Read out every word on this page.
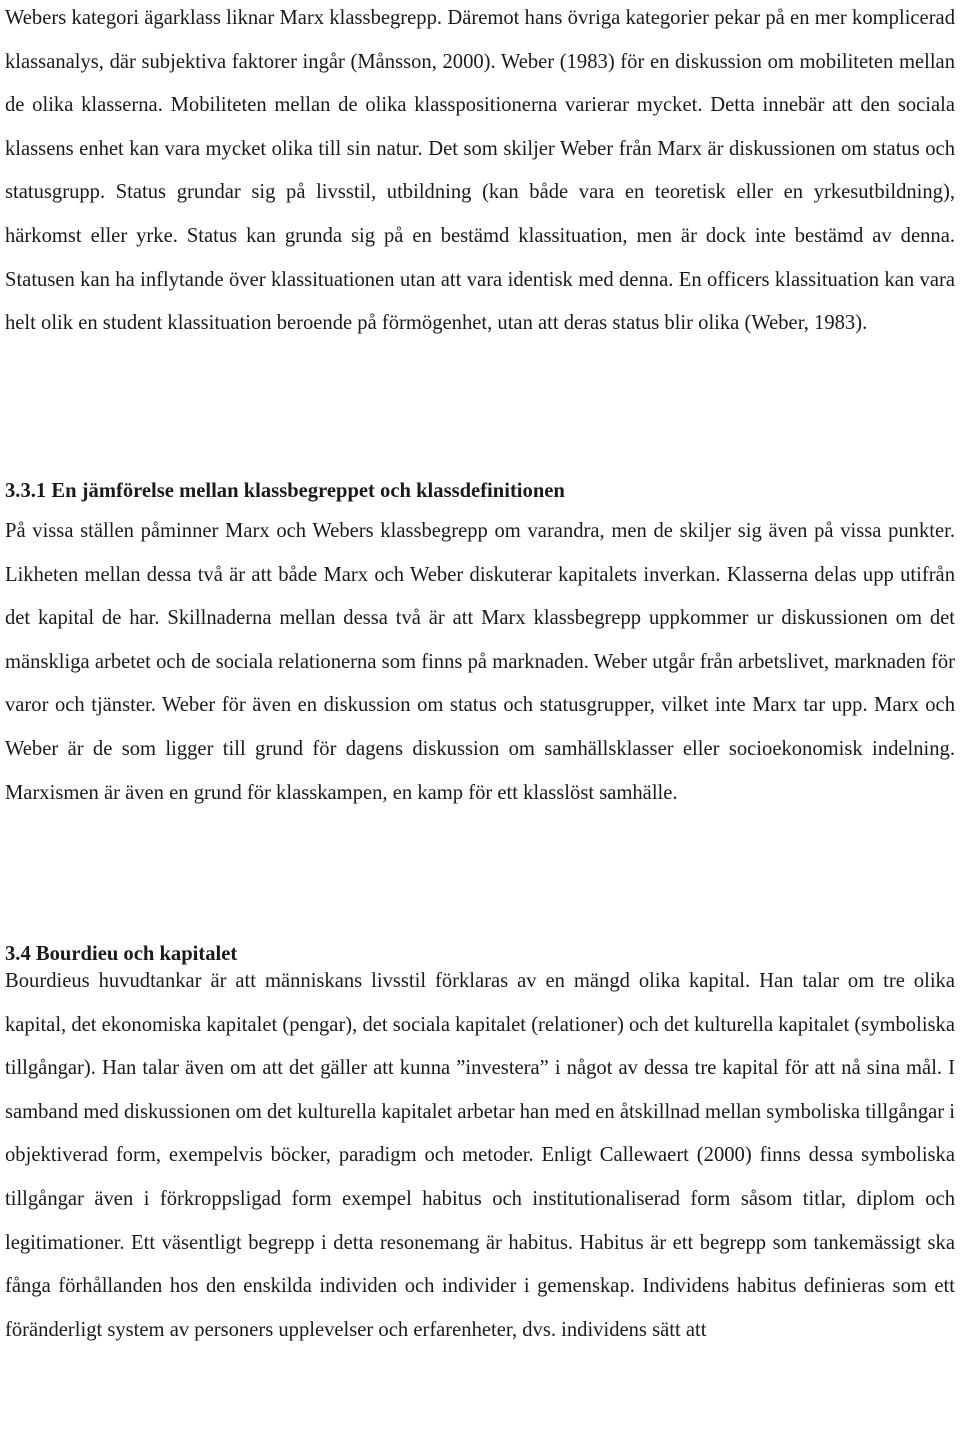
Webers kategori ägarklass liknar Marx klassbegrepp. Däremot hans övriga kategorier pekar på en mer komplicerad klassanalys, där subjektiva faktorer ingår (Månsson, 2000). Weber (1983) för en diskussion om mobiliteten mellan de olika klasserna. Mobiliteten mellan de olika klasspositionerna varierar mycket. Detta innebär att den sociala klassens enhet kan vara mycket olika till sin natur. Det som skiljer Weber från Marx är diskussionen om status och statusgrupp. Status grundar sig på livsstil, utbildning (kan både vara en teoretisk eller en yrkesutbildning), härkomst eller yrke. Status kan grunda sig på en bestämd klassituation, men är dock inte bestämd av denna. Statusen kan ha inflytande över klassituationen utan att vara identisk med denna. En officers klassituation kan vara helt olik en student klassituation beroende på förmögenhet, utan att deras status blir olika (Weber, 1983).

3.3.1 En jämförelse mellan klassbegreppet och klassdefinitionen

På vissa ställen påminner Marx och Webers klassbegrepp om varandra, men de skiljer sig även på vissa punkter. Likheten mellan dessa två är att både Marx och Weber diskuterar kapitalets inverkan. Klasserna delas upp utifrån det kapital de har. Skillnaderna mellan dessa två är att Marx klassbegrepp uppkommer ur diskussionen om det mänskliga arbetet och de sociala relationerna som finns på marknaden. Weber utgår från arbetslivet, marknaden för varor och tjänster. Weber för även en diskussion om status och statusgrupper, vilket inte Marx tar upp. Marx och Weber är de som ligger till grund för dagens diskussion om samhällsklasser eller socioekonomisk indelning. Marxismen är även en grund för klasskampen, en kamp för ett klasslöst samhälle.

3.4 Bourdieu och kapitalet

Bourdieus huvudtankar är att människans livsstil förklaras av en mängd olika kapital. Han talar om tre olika kapital, det ekonomiska kapitalet (pengar), det sociala kapitalet (relationer) och det kulturella kapitalet (symboliska tillgångar). Han talar även om att det gäller att kunna ”investera” i något av dessa tre kapital för att nå sina mål. I samband med diskussionen om det kulturella kapitalet arbetar han med en åtskillnad mellan symboliska tillgångar i objektiverad form, exempelvis böcker, paradigm och metoder. Enligt Callewaert (2000) finns dessa symboliska tillgångar även i förkroppsligad form exempel habitus och institutionaliserad form såsom titlar, diplom och legitimationer. Ett väsentligt begrepp i detta resonemang är habitus. Habitus är ett begrepp som tankemässigt ska fånga förhållanden hos den enskilda individen och individer i gemenskap. Individens habitus definieras som ett föränderligt system av personers upplevelser och erfarenheter, dvs. individens sätt att
